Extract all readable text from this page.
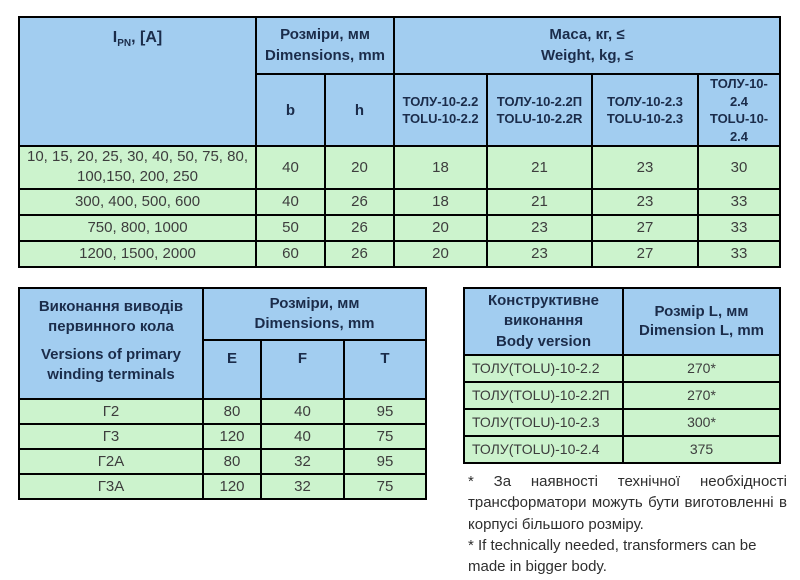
$I_{PN}$, [A]	Розміри, мм
Dimensions, mm

Маса, кг, ≤
Weight, kg, ≤

b	h	
ТОЛУ-10-2.2
TOLU-10-2.2

ТОЛУ-10-2.2П
TOLU-10-2.2R

ТОЛУ-10-2.3
TOLU-10-2.3

ТОЛУ-10-2.4
TOLU-10-2.4

10, 15, 20, 25, 30, 40, 50, 75, 80, 100,150, 200, 250	40	20	18	21	23	30
300, 400, 500, 600	40	26	18	21	23	33
750, 800, 1000	50	26	20	23	27	33
1200, 1500, 2000	60	26	20	23	27	33
Виконання виводів первинного кола
Versions of primary winding terminals

Розміри, мм
Dimensions, mm

	E	F	T
Г2	80	40	95
Г3	120	40	75
Г2А	80	32	95
Г3А	120	32	75
Конструктивне виконання
Body version

Розмір L, мм
Dimension L, mm

ТОЛУ(TOLU)-10-2.2	270*
ТОЛУ(TOLU)-10-2.2П	270*
ТОЛУ(TOLU)-10-2.3	300*
ТОЛУ(TOLU)-10-2.4	375

* За наявності технічної необхідності трансформатори можуть бути виготовленні в корпусі більшого розміру.

* If technically needed, transformers can be made in bigger body.
